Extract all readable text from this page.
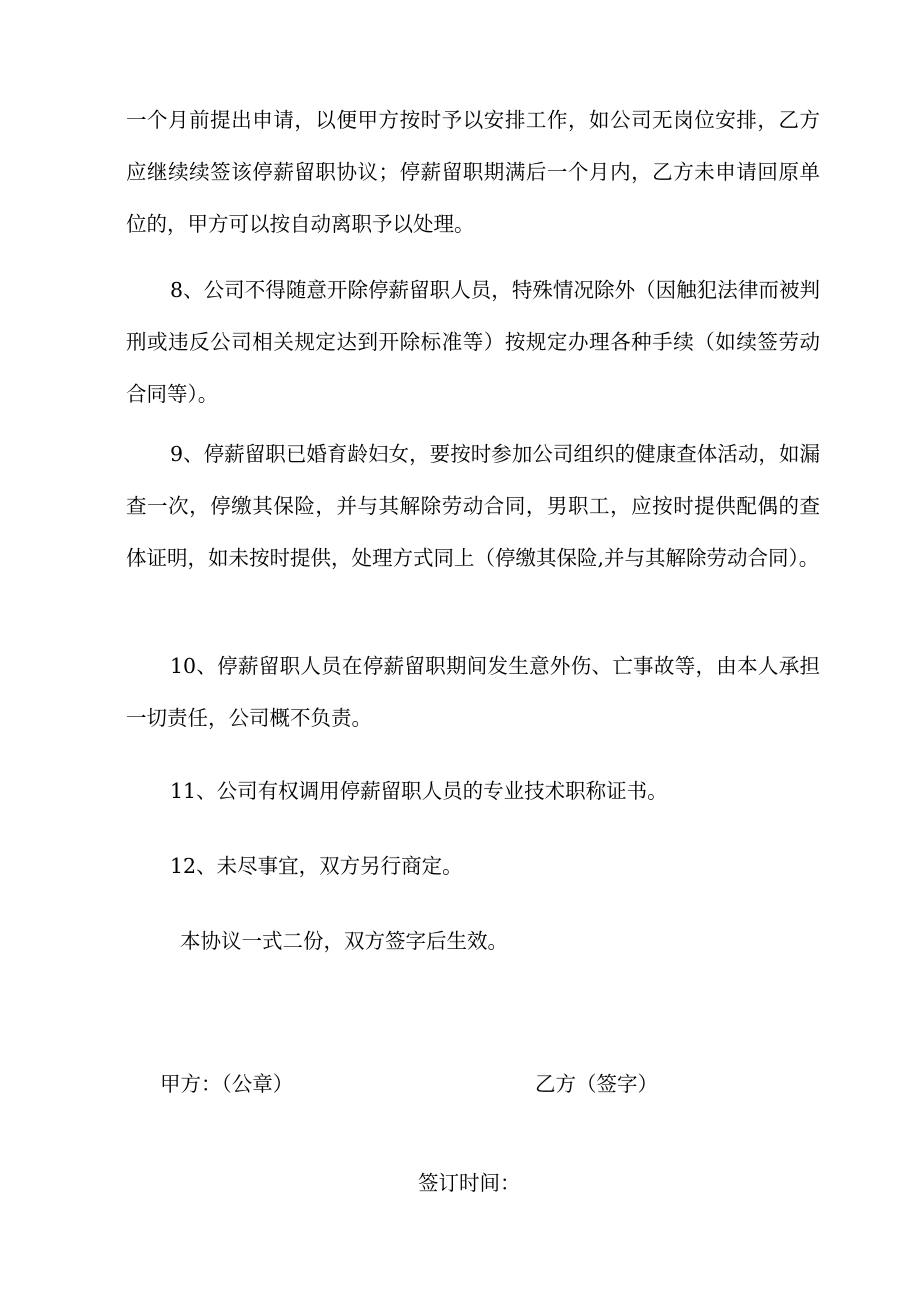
一个月前提出申请，以便甲方按时予以安排工作，如公司无岗位安排，乙方应继续续签该停薪留职协议；停薪留职期满后一个月内，乙方未申请回原单位的，甲方可以按自动离职予以处理。

8、公司不得随意开除停薪留职人员，特殊情况除外（因触犯法律而被判刑或违反公司相关规定达到开除标准等）按规定办理各种手续（如续签劳动合同等）。

9、停薪留职已婚育龄妇女，要按时参加公司组织的健康查体活动，如漏查一次，停缴其保险，并与其解除劳动合同，男职工，应按时提供配偶的查体证明，如未按时提供，处理方式同上（停缴其保险,并与其解除劳动合同）。

10、停薪留职人员在停薪留职期间发生意外伤、亡事故等，由本人承担一切责任，公司概不负责。

11、公司有权调用停薪留职人员的专业技术职称证书。

12、未尽事宜，双方另行商定。

本协议一式二份，双方签字后生效。

甲方：（公章）	乙方（签字）

签订时间：
